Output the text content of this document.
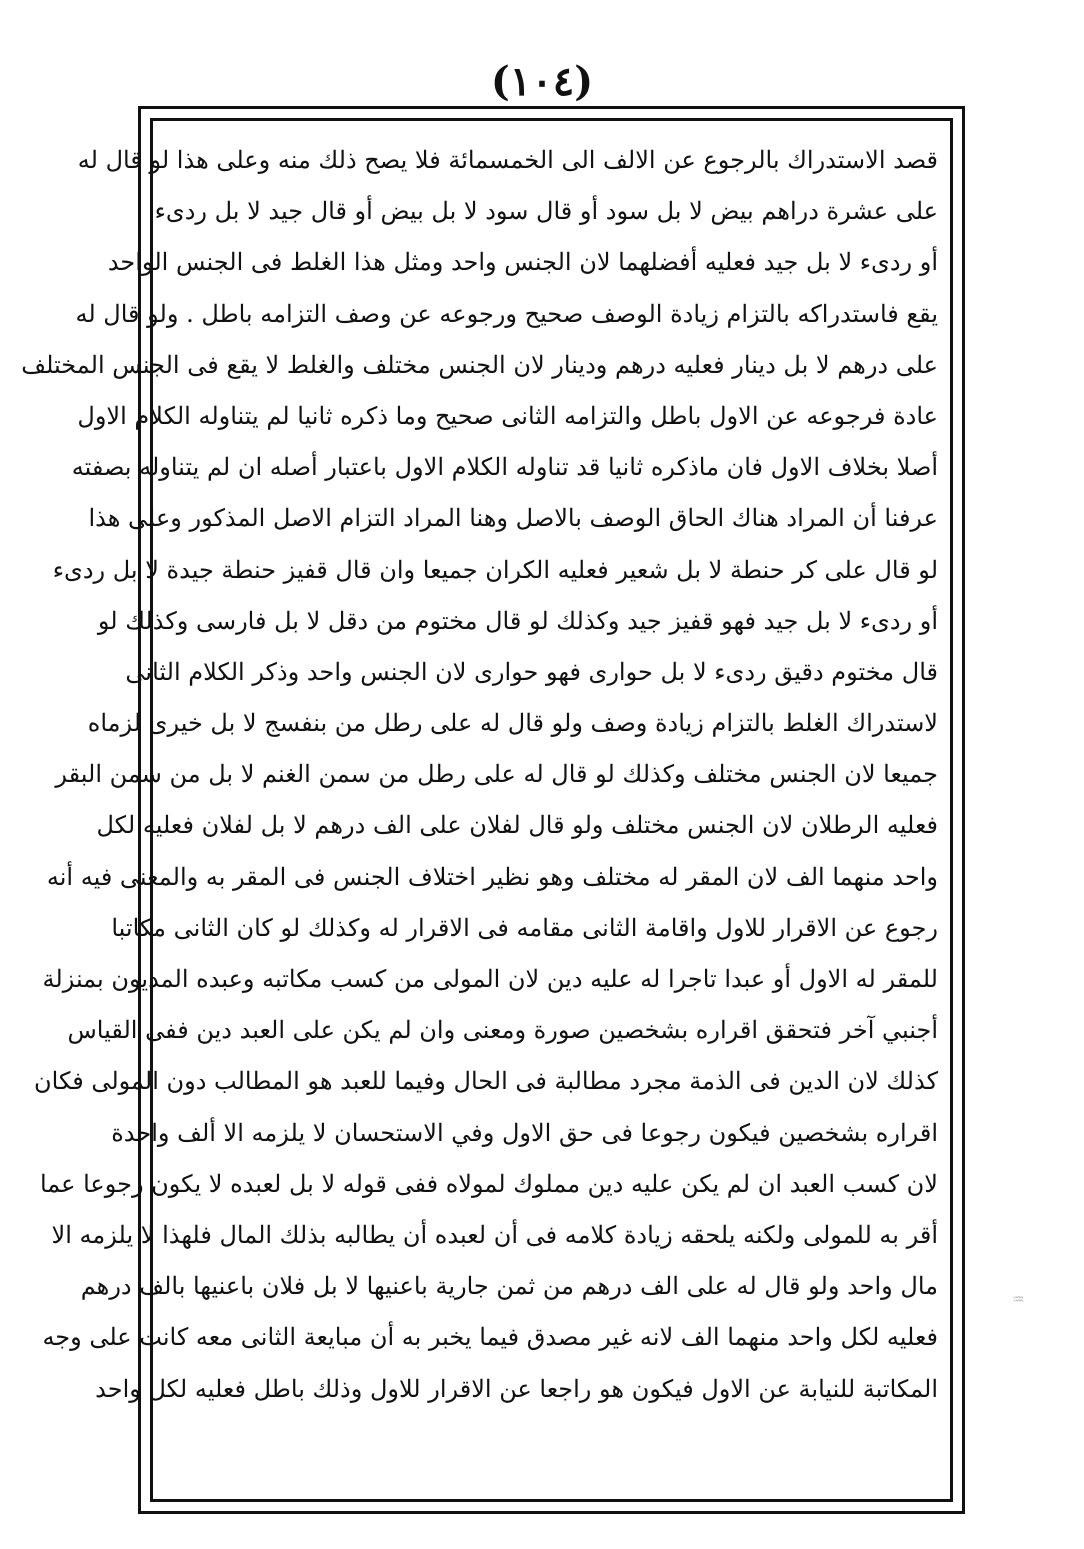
(١٠٤)
قصد الاستدراك بالرجوع عن الالف الى الخمسمائة فلا يصح ذلك منه وعلى هذا لو قال له
على عشرة دراهم بيض لا بل سود أو قال سود لا بل بيض أو قال جيد لا بل ردىء
أو ردىء لا بل جيد فعليه أفضلهما لان الجنس واحد ومثل هذا الغلط فى الجنس الواحد
يقع فاستدراكه بالتزام زيادة الوصف صحيح ورجوعه عن وصف التزامه باطل . ولو قال له
على درهم لا بل دينار فعليه درهم ودينار لان الجنس مختلف والغلط لا يقع فى الجنس المختلف
عادة فرجوعه عن الاول باطل والتزامه الثانى صحيح وما ذكره ثانيا لم يتناوله الكلام الاول
أصلا بخلاف الاول فان ماذكره ثانيا قد تناوله الكلام الاول باعتبار أصله ان لم يتناوله بصفته
عرفنا أن المراد هناك الحاق الوصف بالاصل وهنا المراد التزام الاصل المذكور وعلى هذا
لو قال على كر حنطة لا بل شعير فعليه الكران جميعا وان قال قفيز حنطة جيدة لا بل ردىء
أو ردىء لا بل جيد فهو قفيز جيد وكذلك لو قال مختوم من دقل لا بل فارسى وكذلك لو
قال مختوم دقيق ردىء لا بل حوارى فهو حوارى لان الجنس واحد وذكر الكلام الثانى
لاستدراك الغلط بالتزام زيادة وصف ولو قال له على رطل من بنفسج لا بل خيرى لزماه
جميعا لان الجنس مختلف وكذلك لو قال له على رطل من سمن الغنم لا بل من سمن البقر
فعليه الرطلان لان الجنس مختلف ولو قال لفلان على الف درهم لا بل لفلان فعليه لكل
واحد منهما الف لان المقر له مختلف وهو نظير اختلاف الجنس فى المقر به والمعنى فيه أنه
رجوع عن الاقرار للاول واقامة الثانى مقامه فى الاقرار له وكذلك لو كان الثانى مكاتبا
للمقر له الاول أو عبدا تاجرا له عليه دين لان المولى من كسب مكاتبه وعبده المديون بمنزلة
أجنبي آخر فتحقق اقراره بشخصين صورة ومعنى وان لم يكن على العبد دين ففى القياس
كذلك لان الدين فى الذمة مجرد مطالبة فى الحال وفيما للعبد هو المطالب دون المولى فكان
اقراره بشخصين فيكون رجوعا فى حق الاول وفي الاستحسان لا يلزمه الا ألف واحدة
لان كسب العبد ان لم يكن عليه دين مملوك لمولاه ففى قوله لا بل لعبده لا يكون رجوعا عما
أقر به للمولى ولكنه يلحقه زيادة كلامه فى أن لعبده أن يطالبه بذلك المال فلهذا لا يلزمه الا
مال واحد ولو قال له على الف درهم من ثمن جارية باعنيها لا بل فلان باعنيها بالف درهم
فعليه لكل واحد منهما الف لانه غير مصدق فيما يخبر به أن مبايعة الثانى معه كانت على وجه
المكاتبة للنيابة عن الاول فيكون هو راجعا عن الاقرار للاول وذلك باطل فعليه لكل واحد
♒
